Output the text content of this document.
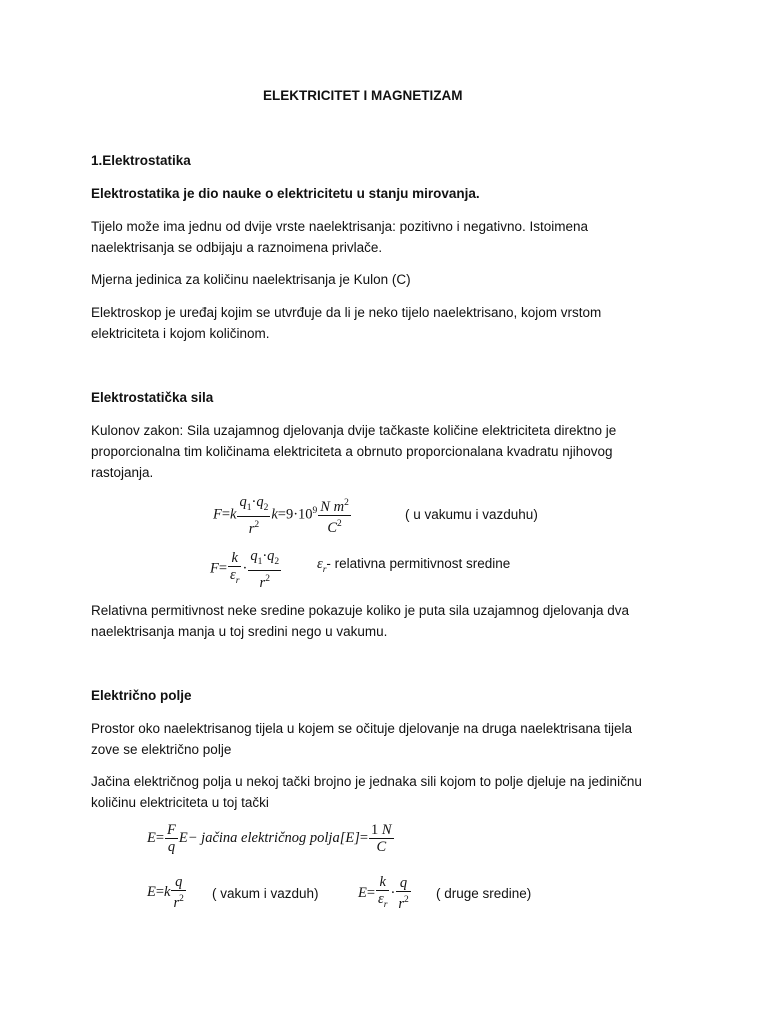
ELEKTRICITET I MAGNETIZAM
1.Elektrostatika
Elektrostatika je dio nauke o elektricitetu u stanju mirovanja.
Tijelo može ima jednu od dvije vrste naelektrisanja: pozitivno i negativno. Istoimena
naelektrisanja se odbijaju a raznoimena privlače.
Mjerna jedinica za količinu naelektrisanja je Kulon (C)
Elektroskop je uređaj kojim se utvrđuje da li je neko tijelo naelektrisano, kojom vrstom
elektriciteta i kojom količinom.
Elektrostatička sila
Kulonov zakon: Sila uzajamnog djelovanja dvije tačkaste količine elektriciteta direktno je
proporcionalna tim količinama elektriciteta a obrnuto proporcionalana kvadratu njihovog
rastojanja.
$F=k \frac{q_1\cdot q_2}{r^2} k=9\cdot 10^9 \frac{N m^2}{C^2}$	( u vakumu i vazduhu)
$F= \frac{k}{\varepsilon_r} \cdot \frac{q_1\cdot q_2}{r^2} \varepsilon_r-$ relativna permitivnost sredine
Relativna permitivnost neke sredine pokazuje koliko je puta sila uzajamnog djelovanja dva
naelektrisanja manja u toj sredini nego u vakumu.
Električno polje
Prostor oko naelektrisanog tijela u kojem se očituje djelovanje na druga naelektrisana tijela
zove se električno polje
Jačina električnog polja u nekoj tački brojno je jednaka sili kojom to polje djeluje na jediničnu
količinu elektriciteta u toj tački
$E= \frac{F}{q} E-$ jačina električnog polja[E]= $\frac{1 N}{C}$
$E=k \frac{q}{r^2}$ ( vakum i vazduh)	$E= \frac{k}{\varepsilon_r} \cdot \frac{q}{r^2}$ ( druge sredine)
